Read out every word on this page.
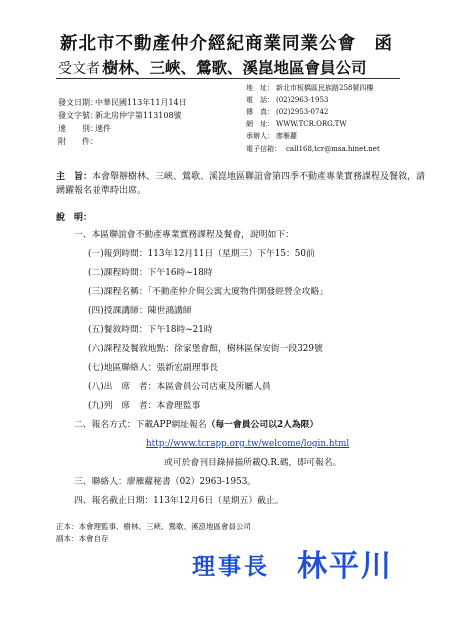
新北市不動產仲介經紀商業同業公會　函
受文者：
樹林、三峽、鶯歌、溪崑地區會員公司
地　址： 新北市板橋區民族路258號四樓
電　話： (02)2963-1953
傳　真： (02)2953-0742
網　址： WWW.TCR.ORG.TW
承辦人： 廖雁蘿
電子信箱： call168,tcr@msa.hinet.net
發文日期：中華民國113年11月14日
發文字號：新北房仲字第113108號
速　　別：速件
附　　件：
主　旨：本會舉辦樹林、三峽、鶯歌、溪崑地區聯誼會第四季不動產專業實務課程及餐敘，請踴躍報名並準時出席。
說　明：
一、本區聯誼會不動產專業實務課程及餐會，說明如下：
(一)報到時間：113年12月11日（星期三）下午15：50前
(二)課程時間：下午16時~18時
(三)課程名稱：「不動產仲介與公寓大廈物件開發經營全攻略」
(四)授課講師：陳世鴻講師
(五)餐敘時間：下午18時~21時
(六)課程及餐敘地點：徐家堡會館，樹林區保安街一段329號
(七)地區聯絡人：張新宏副理事長
(八)出　席　者：本區會員公司店東及所屬人員
(九)列　席　者：本會理監事
二、報名方式：下載APP網址報名（每一會員公司以2人為限）
http://www.tcrapp.org.tw/welcome/login.html
或可於會刊目錄掃描所載Q.R.碼，即可報名。
三、聯絡人：廖雁蘿秘書（02）2963-1953。
四、報名截止日期：113年12月6日（星期五）截止。
正本：本會理監事、樹林、三峽、鶯歌、溪崑地區會員公司
副本：本會自存
理事長 林平川
